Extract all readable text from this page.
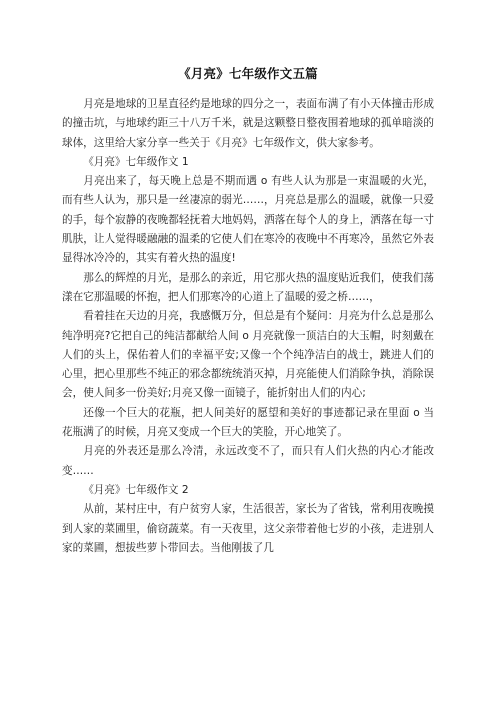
《月亮》七年级作文五篇

月亮是地球的卫星直径约是地球的四分之一，表面布满了有小天体撞击形成的撞击坑，与地球约距三十八万千米，就是这颗整日整夜围着地球的孤单暗淡的球体，这里给大家分享一些关于《月亮》七年级作文，供大家参考。

《月亮》七年级作文 1

月亮出来了，每天晚上总是不期而遇 o 有些人认为那是一束温暖的火光，而有些人认为，那只是一丝凄凉的弱光……，月亮总是那么的温暖，就像一只爱的手，每个寂静的夜晚都轻抚着大地妈妈，洒落在每个人的身上，洒落在每一寸肌肤，让人觉得暖融融的温柔的它使人们在寒冷的夜晚中不再寒冷，虽然它外表显得冰冷冷的，其实有着火热的温度!

那么的辉煌的月光，是那么的亲近，用它那火热的温度贴近我们，使我们荡漾在它那温暖的怀抱，把人们那寒冷的心道上了温暖的爱之桥……，

看着挂在天边的月亮，我感慨万分，但总是有个疑问：月亮为什么总是那么纯净明亮?它把自己的纯洁都献给人间 o 月亮就像一顶洁白的大玉帽，时刻戴在人们的头上，保佑着人们的幸福平安;又像一个个纯净洁白的战士，跳进人们的心里，把心里那些不纯正的邪念都统统消灭掉，月亮能使人们消除争执，消除误会，使人间多一份美好;月亮又像一面镜子，能折射出人们的内心;

还像一个巨大的花瓶，把人间美好的愿望和美好的事迹都记录在里面 o 当花瓶满了的时候，月亮又变成一个巨大的笑脸，开心地笑了。

月亮的外表还是那么冷清，永远改变不了，而只有人们火热的内心才能改变……

《月亮》七年级作文 2

从前，某村庄中，有户贫穷人家，生活很苦，家长为了省钱，常利用夜晚摸到人家的菜圃里，偷窃蔬菜。有一天夜里，这父亲带着他七岁的小孩，走进别人家的菜圃，想拔些萝卜带回去。当他刚拔了几
